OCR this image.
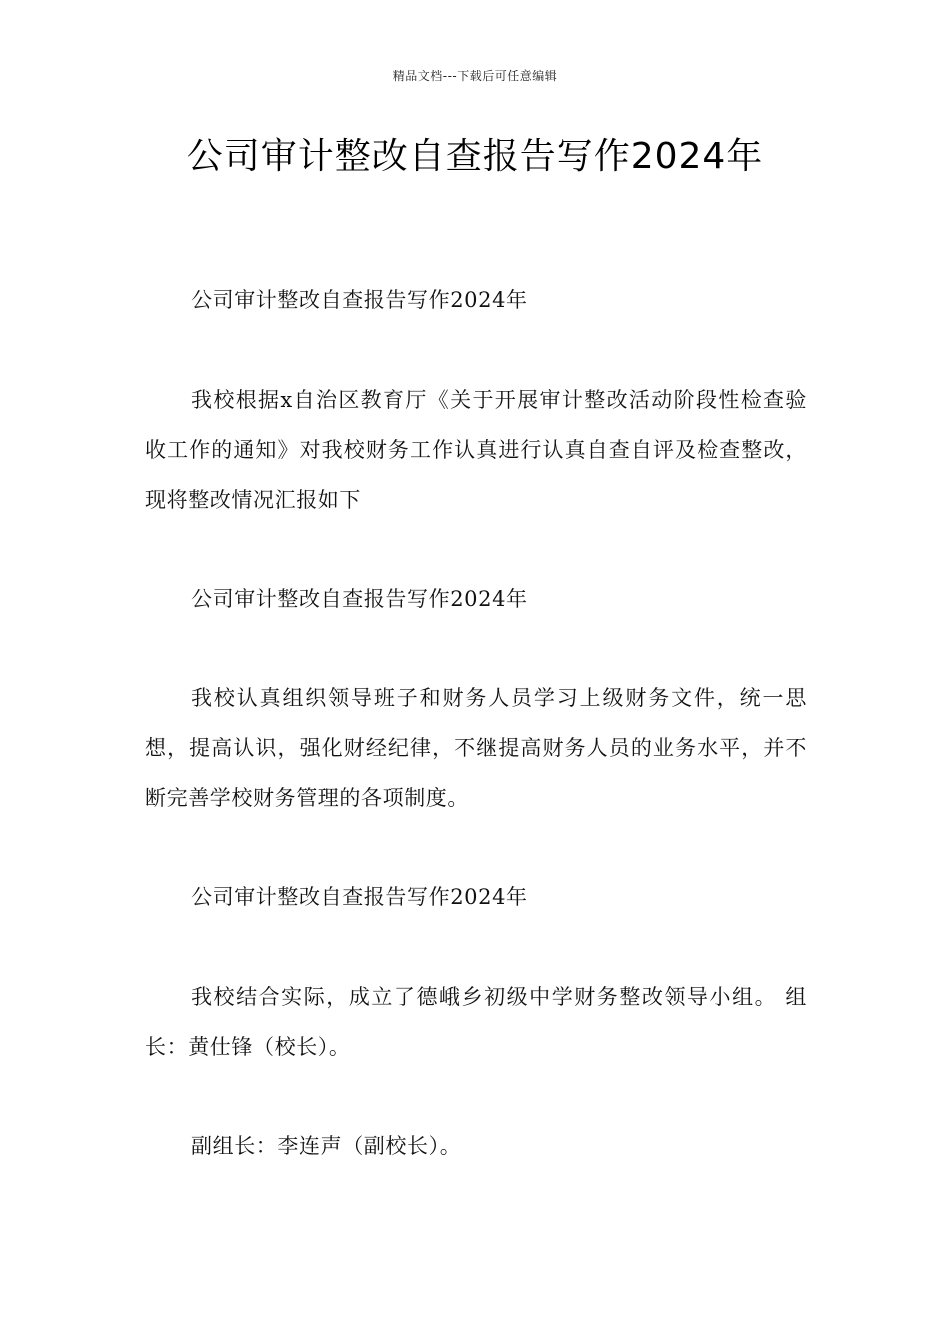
精品文档---下载后可任意编辑
公司审计整改自查报告写作2024年

公司审计整改自查报告写作2024年

我校根据x自治区教育厅《关于开展审计整改活动阶段性检查验收工作的通知》对我校财务工作认真进行认真自查自评及检查整改，现将整改情况汇报如下

公司审计整改自查报告写作2024年

我校认真组织领导班子和财务人员学习上级财务文件，统一思想，提高认识，强化财经纪律，不继提高财务人员的业务水平，并不断完善学校财务管理的各项制度。

公司审计整改自查报告写作2024年

我校结合实际，成立了德峨乡初级中学财务整改领导小组。 组长：黄仕锋（校长）。

副组长：李连声（副校长）。
